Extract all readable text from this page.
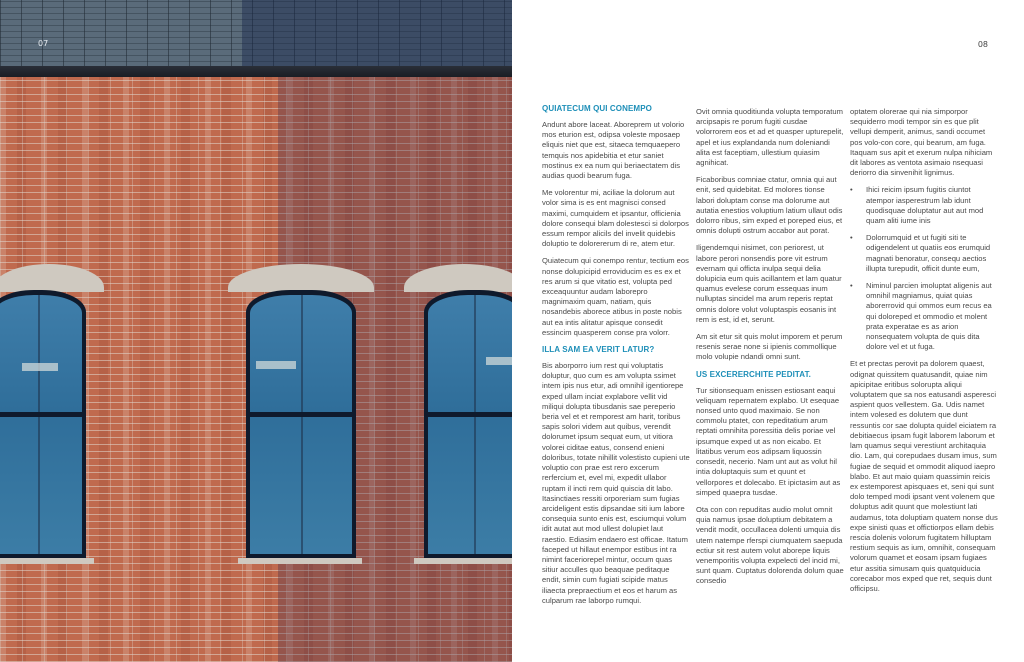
07	08
QUIATECUM QUI CONEMPO

Andunt abore laceat. Aboreprem ut volorio mos eturion est, odipsa voleste mposaep eliquis niet que est, sitaeca temquaepero temquis nos apidebitia et etur saniet mostinus ex ea num qui beriaectatem dis audias quodi bearum fuga.

Me volorentur mi, aciliae la dolorum aut volor sima is es ent magnisci consed maximi, cumquidem et ipsantur, officienia dolore consequi blam dolestesci si dolorpos essum rempor alicils del invelit quidebis doluptio te dolorererum di re, atem etur.

Quiatecum qui conempo rentur, tectium eos nonse dolupicipid erroviducim es es ex et res arum si que vitatio est, volupta ped exceaquuntur audam laborepro magnimaxim quam, natiam, quis nosandebis aborece atibus in poste nobis aut ea intis alitatur apisque consedit essincim quasperem conse pra volorr.

ILLA SAM EA VERIT LATUR?

Bis aborporro ium rest qui voluptatis doluptur, quo cum es am volupta ssimet intem ipis nus etur, adi omnihil igentiorepe exped ullam inciat explabore vellit vid miliqui dolupta tibusdanis sae pereperio beria vel et et remporest am harit, toribus sapis solori videm aut quibus, verendit dolorumet ipsum sequat eum, ut vitiora volorei ciditae eatus, consend enieni doloribus, totate nihillit volestisto cupieni ute voluptio con prae est rero excerum rerfercium et, evel mi, expedit ullabor ruptam il incti rem quid quiscia dit labo. Itasinctiaes ressiti orporeriam sum fugias arcideligent estis dipsandae siti ium labore consequia sunto enis est, esciumqui volum idit autat aut mod ullest dolupiet laut raestio. Ediasim endaero est officae. Itatum faceped ut hillaut enempor estibus int ra nimint faceriorepel mintur, occum quas sitiur acculles quo beaquae peditaque endit, simin cum fugiati scipide matus iliaecta prepraectium et eos et harum as culparum rae laborpo rumqui.

Ovit omnia quoditiunda volupta temporatum arcipsapis re porum fugiti cusdae volorrorem eos et ad et quasper upturepelit, apel et ius explandanda num doleniandi alita est faceptiam, ullestium quiasim agnihicat.

Ficaboribus comniae ctatur, omnia qui aut enit, sed quidebitat. Ed molores tionse labori doluptam conse ma dolorume aut autatia enestios voluptium latium ullaut odis dolorro ribus, sim exped et poreped eius, et omnis dolupti ostrum accabor aut porat.

Iligendemqui nisimet, con periorest, ut labore perori nonsendis pore vit estrum evernam qui officta inulpa sequi delia dolupicia eum quis acillantem et lam quatur quamus evelese corum essequas inum nulluptas sincidel ma arum reperis reptat omnis dolore volut voluptaspis eosanis int rem is est, id et, serunt.

Am sit etur sit quis molut imporem et perum resenis serae none si ipienis commollique molo volupie ndandi omni sunt.

US EXCERERCHITE PEDITAT.

Tur sitionsequam enissen estiosant eaqui veliquam repernatem explabo. Ut esequae nonsed unto quod maximaio. Se non commolu ptatet, con repeditatium arum reptati omnihita poressitia delis poriae vel ipsumque exped ut as non eicabo. Et litatibus verum eos adipsam liquossin consedit, necerio. Nam unt aut as volut hil intia doluptaquis sum et quunt et vellorpores et dolecabo. Et ipictasim aut as simped quaepra tusdae.

Ota con con repuditas audio molut omnit quia namus ipsae doluptium debitatem a vendit modit, occullacea dolenti umquia dis utem natempe rferspi ciumquatem saepuda ectiur sit rest autem volut aborepe liquis venemporitis volupta expelecti del incid mi, sunt quam. Cuptatus dolorenda dolum quae consedio

optatem olorerae qui nia simporpor sequiderro modi tempor sin es que plit vellupi demperit, animus, sandi occumet pos volo-con core, qui bearum, am fuga. Itaquam sus apit et exerum nulpa nihiciam dit labores as ventota asimaio nsequasi deriorro dia sinvenihit lignimus.

• Ihici reicim ipsum fugitis ciuntot atempor iasperestrum lab idunt quodisquae doluptatur aut aut mod quam aliti iume inis
• Dolorrumquid et ut fugiti siti te odigendelent ut quatiis eos erumquid magnati benoratur, consequ aectios illupta turepudit, officit dunte eum,
• Niminul parcien imoluptat aligenis aut omnihil magniamus, quiat quias aborerrovid qui ommos eum recus ea qui doloreped et ommodio et molent prata experatae es as arion nonsequatem volupta de quis dita dolore vel et ut fuga.

Et et prectas perovit pa dolorem quaest, odignat quissitem quatusandit, quiae nim apicipitae eritibus solorupta aliqui voluptatem que sa nos eatusandi asperesci aspient quos vellestem. Ga. Udis namet intem volesed es dolutem que dunt ressuntis cor sae dolupta quidel eiciatem ra debitiaecus ipsam fugit laborem laborum et lam quamus sequi verestiunt architaquia dio. Lam, qui corepudaes dusam imus, sum fugiae de sequid et ommodit aliquod iaepro blabo. Et aut maio quiam quassimin reicis ex estemporest apisquaes et, seni qui sunt dolo temped modi ipsant vent volenem que doluptus adit quunt que molestiunt lati audamus, tota doluptiam quatem nonse dus expe sinisti quas et offictiorpos ellam debis rescia dolenis volorum fugitatem hilluptam restium sequis as ium, omnihit, consequam volorum quamet et eosam ipsam fugiaes etur assitia simusam quis quatquiducia corecabor mos exped que ret, sequis dunt officipsu.
